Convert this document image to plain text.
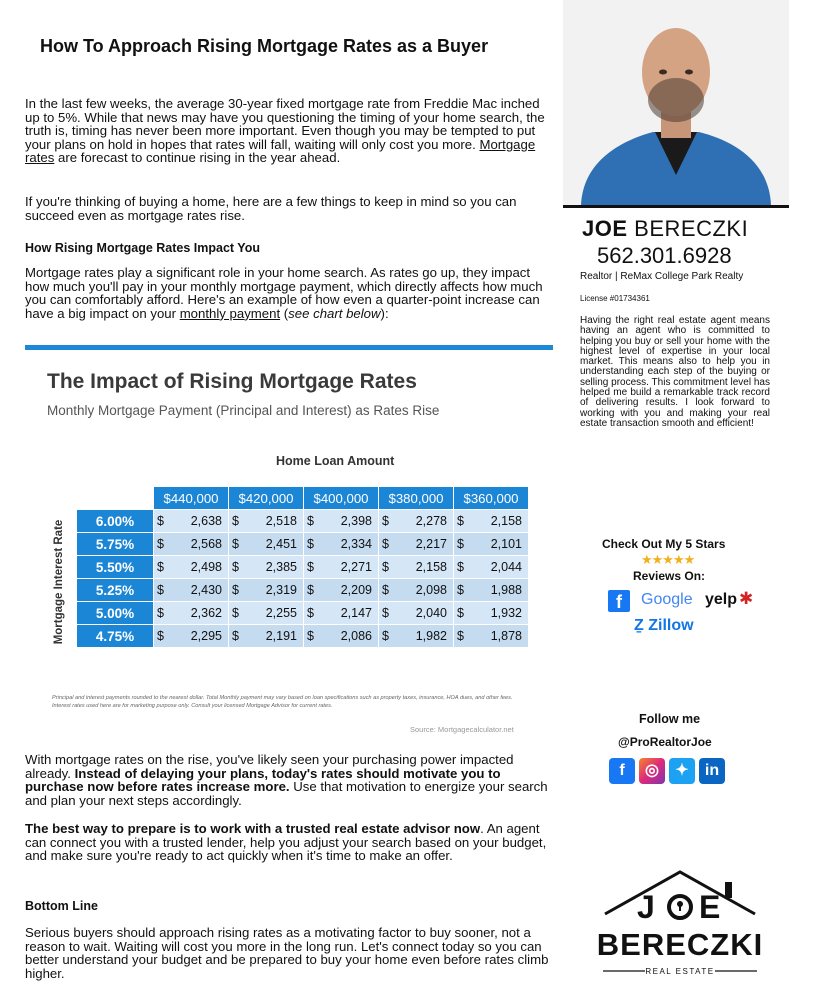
How To Approach Rising Mortgage Rates as a Buyer

In the last few weeks, the average 30-year fixed mortgage rate from Freddie Mac inched up to 5%. While that news may have you questioning the timing of your home search, the truth is, timing has never been more important. Even though you may be tempted to put your plans on hold in hopes that rates will fall, waiting will only cost you more. Mortgage rates are forecast to continue rising in the year ahead.

If you're thinking of buying a home, here are a few things to keep in mind so you can succeed even as mortgage rates rise.

How Rising Mortgage Rates Impact You

Mortgage rates play a significant role in your home search. As rates go up, they impact how much you'll pay in your monthly mortgage payment, which directly affects how much you can comfortably afford. Here's an example of how even a quarter-point increase can have a big impact on your monthly payment (see chart below):

The Impact of Rising Mortgage Rates
Monthly Mortgage Payment (Principal and Interest) as Rates Rise
Home Loan Amount
Mortgage Interest Rate
	$440,000	$420,000	$400,000	$380,000	$360,000
6.00%	$ 2,638	$ 2,518	$ 2,398	$ 2,278	$ 2,158

5.75%	$ 2,568	$ 2,451	$ 2,334	$ 2,217	$ 2,101

5.50%	$ 2,498	$ 2,385	$ 2,271	$ 2,158	$ 2,044

5.25%	$ 2,430	$ 2,319	$ 2,209	$ 2,098	$ 1,988

5.00%	$ 2,362	$ 2,255	$ 2,147	$ 2,040	$ 1,932

4.75%	$ 2,295	$ 2,191	$ 2,086	$ 1,982	$ 1,878
Principal and interest payments rounded to the nearest dollar. Total Monthly payment may vary based on loan specifications such as property taxes, insurance, HOA dues, and other fees. Interest rates used here are for marketing purpose only. Consult your licensed Mortgage Advisor for current rates.
Source: Mortgagecalculator.net

With mortgage rates on the rise, you've likely seen your purchasing power impacted already. Instead of delaying your plans, today's rates should motivate you to purchase now before rates increase more. Use that motivation to energize your search and plan your next steps accordingly.

The best way to prepare is to work with a trusted real estate advisor now. An agent can connect you with a trusted lender, help you adjust your search based on your budget, and make sure you're ready to act quickly when it's time to make an offer.

Bottom Line

Serious buyers should approach rising rates as a motivating factor to buy sooner, not a reason to wait. Waiting will cost you more in the long run. Let's connect today so you can better understand your budget and be prepared to buy your home even before rates climb higher.

JOE BERECZKI
562.301.6928
Realtor | ReMax College Park Realty
License #01734361
Having the right real estate agent means having an agent who is committed to helping you buy or sell your home with the highest level of expertise in your local market. This means also to help you in understanding each step of the buying or selling process. This commitment level has helped me build a remarkable track record of delivering results. I look forward to working with you and making your real estate transaction smooth and efficient!
Check Out My 5 Stars
★★★★★
Reviews On:
f	Google yelp ✱
Ẕ Zillow
Follow me
@ProRealtorJoe
f ◎ ✦ in
J E
BERECZKI
REAL ESTATE
